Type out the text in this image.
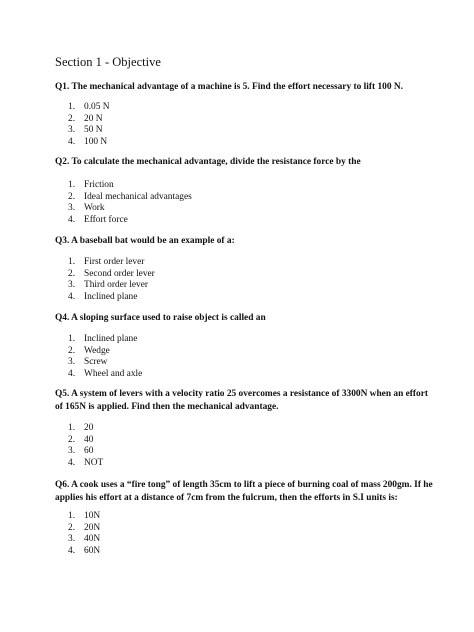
Section 1 - Objective
Q1. The mechanical advantage of a machine is 5. Find the effort necessary to lift 100 N.
1. 0.05 N
2. 20 N
3. 50 N
4. 100 N
Q2. To calculate the mechanical advantage, divide the resistance force by the
1. Friction
2. Ideal mechanical advantages
3. Work
4. Effort force
Q3. A baseball bat would be an example of a:
1. First order lever
2. Second order lever
3. Third order lever
4. Inclined plane
Q4. A sloping surface used to raise object is called an
1. Inclined plane
2. Wedge
3. Screw
4. Wheel and axle
Q5. A system of levers with a velocity ratio 25 overcomes a resistance of 3300N when an effort of 165N is applied. Find then the mechanical advantage.
1. 20
2. 40
3. 60
4. NOT
Q6. A cook uses a “fire tong” of length 35cm to lift a piece of burning coal of mass 200gm. If he applies his effort at a distance of 7cm from the fulcrum, then the efforts in S.I units is:
1. 10N
2. 20N
3. 40N
4. 60N
